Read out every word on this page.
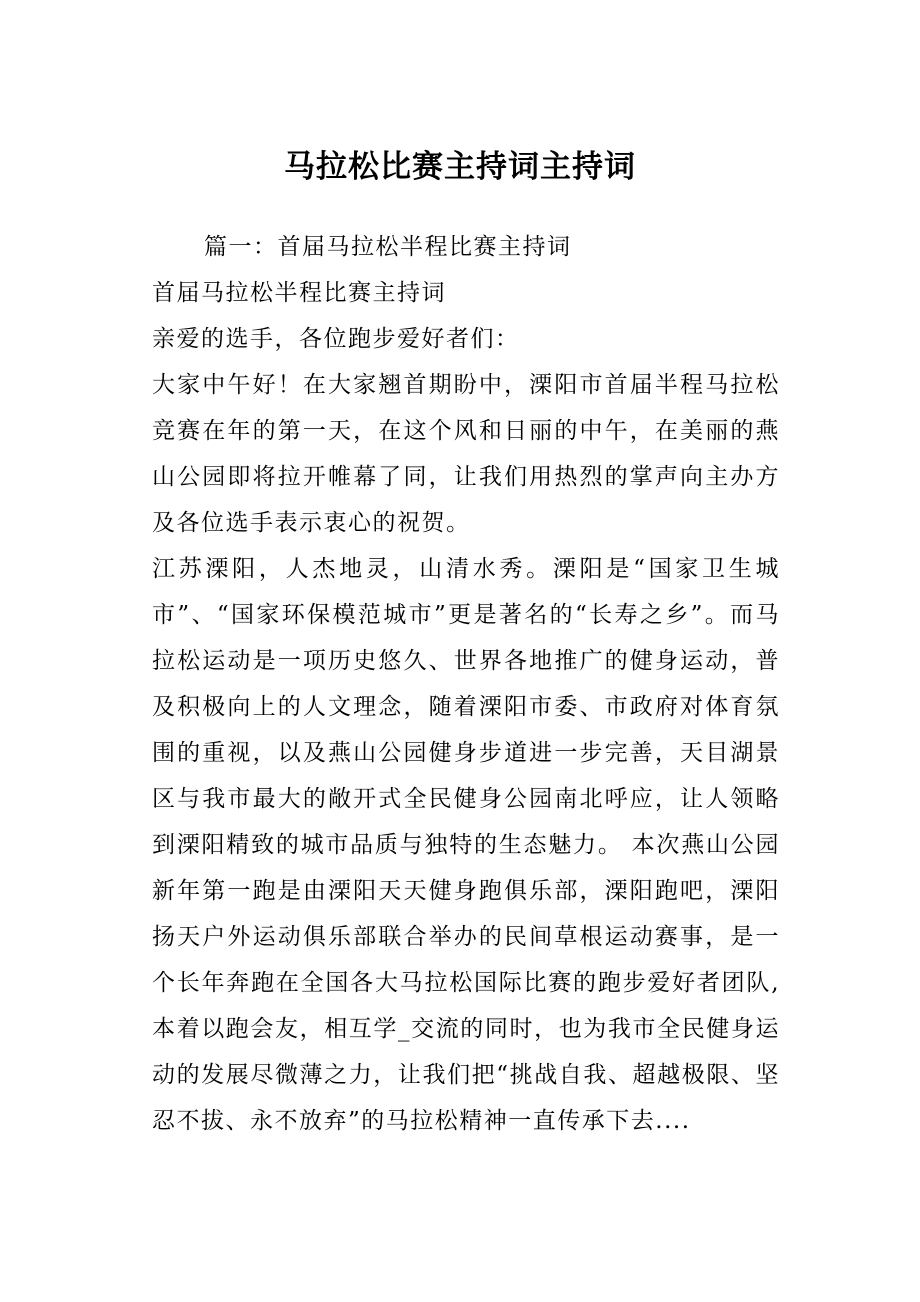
马拉松比赛主持词主持词

篇一：首届马拉松半程比赛主持词

首届马拉松半程比赛主持词

亲爱的选手，各位跑步爱好者们：

大家中午好！在大家翘首期盼中，溧阳市首届半程马拉松竞赛在年的第一天，在这个风和日丽的中午，在美丽的燕山公园即将拉开帷幕了同，让我们用热烈的掌声向主办方及各位选手表示衷心的祝贺。

江苏溧阳，人杰地灵，山清水秀。溧阳是“国家卫生城市”、“国家环保模范城市”更是著名的“长寿之乡”。而马拉松运动是一项历史悠久、世界各地推广的健身运动，普及积极向上的人文理念，随着溧阳市委、市政府对体育氛围的重视，以及燕山公园健身步道进一步完善，天目湖景区与我市最大的敞开式全民健身公园南北呼应，让人领略到溧阳精致的城市品质与独特的生态魅力。 本次燕山公园新年第一跑是由溧阳天天健身跑俱乐部，溧阳跑吧，溧阳扬天户外运动俱乐部联合举办的民间草根运动赛事，是一个长年奔跑在全国各大马拉松国际比赛的跑步爱好者团队,本着以跑会友，相互学_交流的同时，也为我市全民健身运动的发展尽微薄之力，让我们把“挑战自我、超越极限、坚忍不拔、永不放弃”的马拉松精神一直传承下去....
